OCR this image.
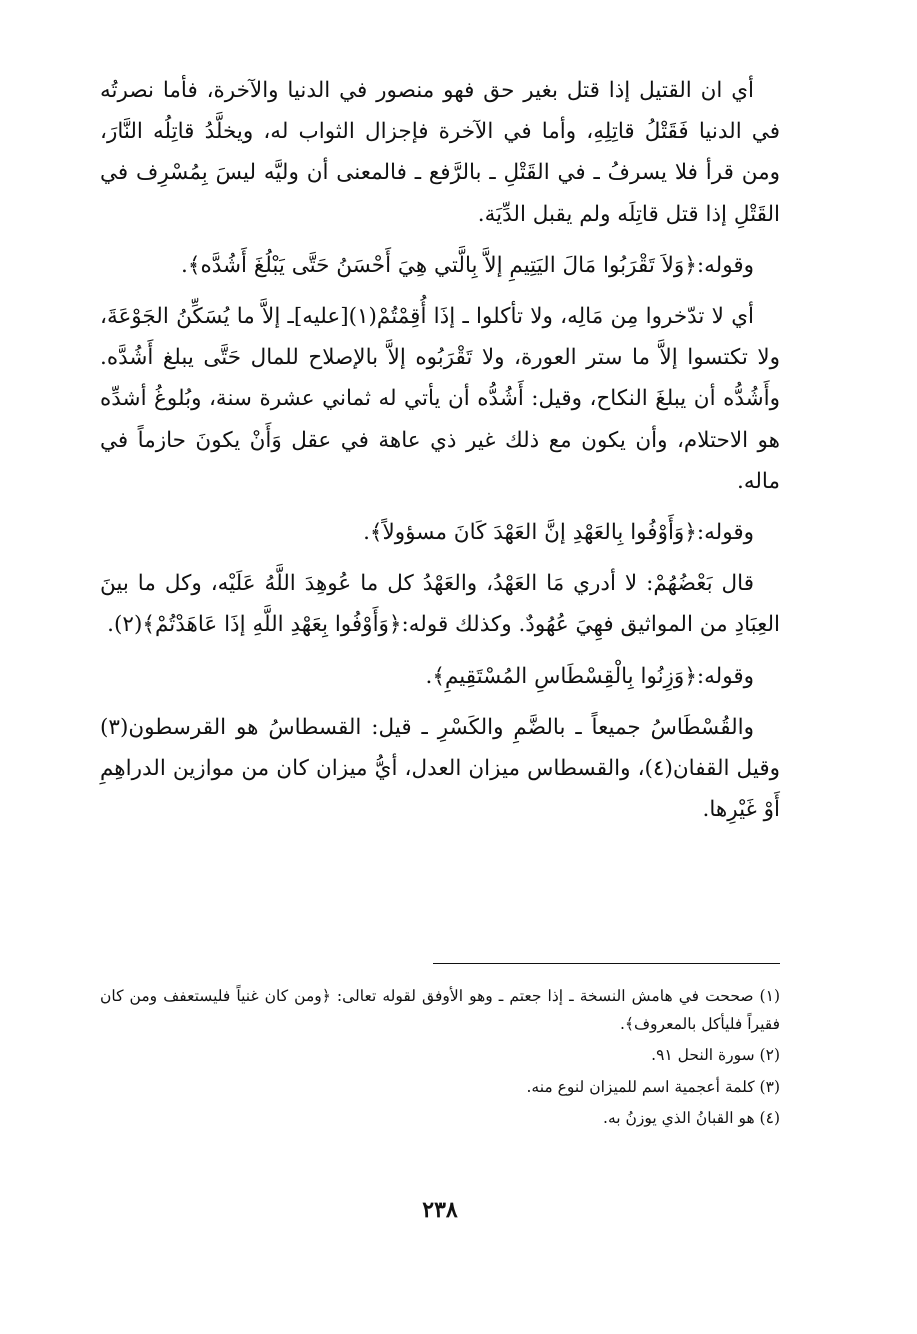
أي ان القتيل إذا قتل بغير حق فهو منصور في الدنيا والآخرة، فأما نصرتُه في الدنيا فَقَتْلُ قاتِلِهِ، وأما في الآخرة فإجزال الثواب له، ويخلَّدُ قاتِلُه النَّارَ، ومن قرأ فلا يسرفُ ـ في القَتْلِ ـ بالرَّفع ـ فالمعنى أن وليَّه ليسَ بِمُسْرِف في القَتْلِ إذا قتل قاتِلَه ولم يقبل الدِّيَة.

وقوله:﴿وَلاَ تَقْرَبُوا مَالَ اليَتِيمِ إلاَّ بِالَّتي هِيَ أَحْسَنُ حَتَّى يَبْلُغَ أَشُدَّه﴾.

أي لا تدّخروا مِن مَالِه، ولا تأكلوا ـ إذَا أُقِمْتُمْ(١)[عليه]ـ إلاَّ ما يُسَكِّنُ الجَوْعَةَ، ولا تكتسوا إلاَّ ما ستر العورة، ولا تَقْرَبُوه إلاَّ بالإصلاح للمال حَتَّى يبلغ أَشُدَّه. وأَشُدُّه أن يبلغَ النكاح، وقيل: أَشُدُّه أن يأتي له ثماني عشرة سنة، وبُلوغُ أشدِّه هو الاحتلام، وأن يكون مع ذلك غير ذي عاهة في عقل وَأَنْ يكونَ حازماً في ماله.

وقوله:﴿وَأَوْفُوا بِالعَهْدِ إنَّ العَهْدَ كَانَ مسؤولاً﴾.

قال بَعْضُهُمْ: لا أدري مَا العَهْدُ، والعَهْدُ كل ما عُوهِدَ اللَّهُ عَلَيْه، وكل ما بينَ العِبَادِ من المواثيق فهِيَ عُهُودٌ. وكذلك قوله:﴿وَأَوْفُوا بِعَهْدِ اللَّهِ إذَا عَاهَدْتُمْ﴾(٢).

وقوله:﴿وَزِنُوا بِالْقِسْطَاسِ المُسْتَقِيمِ﴾.

والقُسْطَاسُ جميعاً ـ بالضَّمِ والكَسْرِ ـ قيل: القسطاسُ هو القرسطون(٣) وقيل القفان(٤)، والقسطاس ميزان العدل، أيُّ ميزان كان من موازين الدراهِمِ أَوْ غَيْرِها.

(١) صححت في هامش النسخة ـ إذا جعتم ـ وهو الأوفق لقوله تعالى: ﴿ومن كان غنياً فليستعفف ومن كان فقيراً فليأكل بالمعروف﴾.

(٢) سورة النحل ٩١.

(٣) كلمة أعجمية اسم للميزان لنوع منه.

(٤) هو القبانُ الذي يوزنُ به.

٢٣٨
